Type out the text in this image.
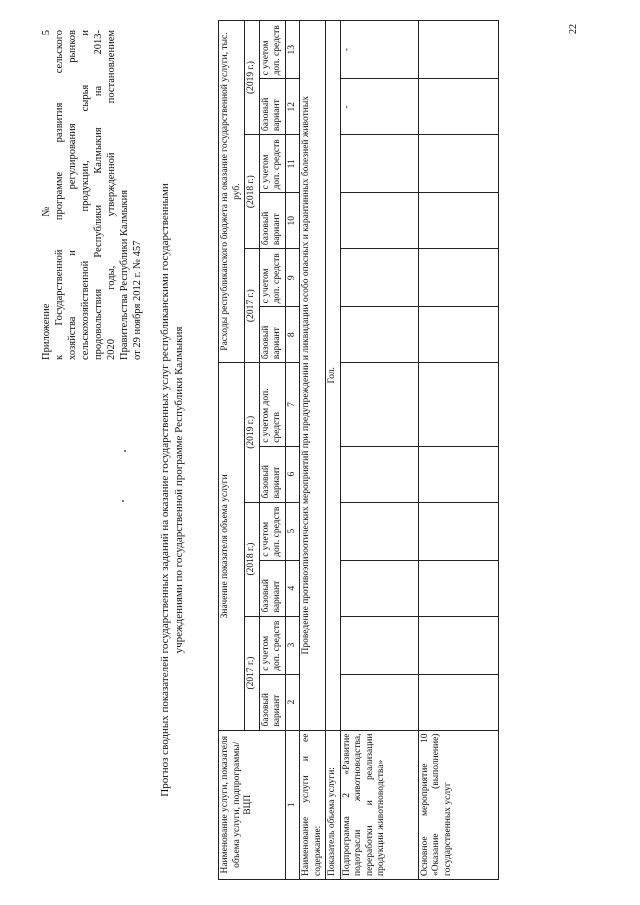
22
Приложение № 5 к Государственной программе развития сельского хозяйства и регулирования рынков сельскохозяйственной продукции, сырья и продовольствия Республики Калмыкия на 2013- 2020 годы, утвержденной постановлением Правительства Республики Калмыкия от 29 ноября 2012 г. № 457 Прогноз сводных показателей государственных заданий на оказание государственных услуг республиканскими государственными учреждениями по государственной программе Республики Калмыкия
Наименование услуги, показателя объема услуги, подпрограммы/ВЦП	Значение показателя объема услуги						Расходы республиканского бюджета на оказание государственной услуги, тыс. руб.					
	(2017 г.)		(2018 г.)		(2019 г.)		(2017 г.)		(2018 г.)		(2019 г.)	
	базовый вариант	с учетом доп. средств	базовый вариант	с учетом доп. средств	базовый вариант	с учетом доп. средств	базовый вариант	с учетом доп. средств	базовый вариант	с учетом доп. средств	базовый вариант	с учетом доп. средств
1	2	3	4	5	6	7	8	9	10	11	12	13
Наименование услуги и ее содержание:	Проведение противоэпизоотических мероприятий при предупреждении и ликвидации особо опасных и карантинных болезней животных											
Показатель объема услуги:	Гол.											
Подпрограмма 2 «Развитие подотрасли животноводства, переработки и реализации продукции животноводства»											-	-
Основное мероприятие 10 «Оказание (выполнение) государственных услуг												
